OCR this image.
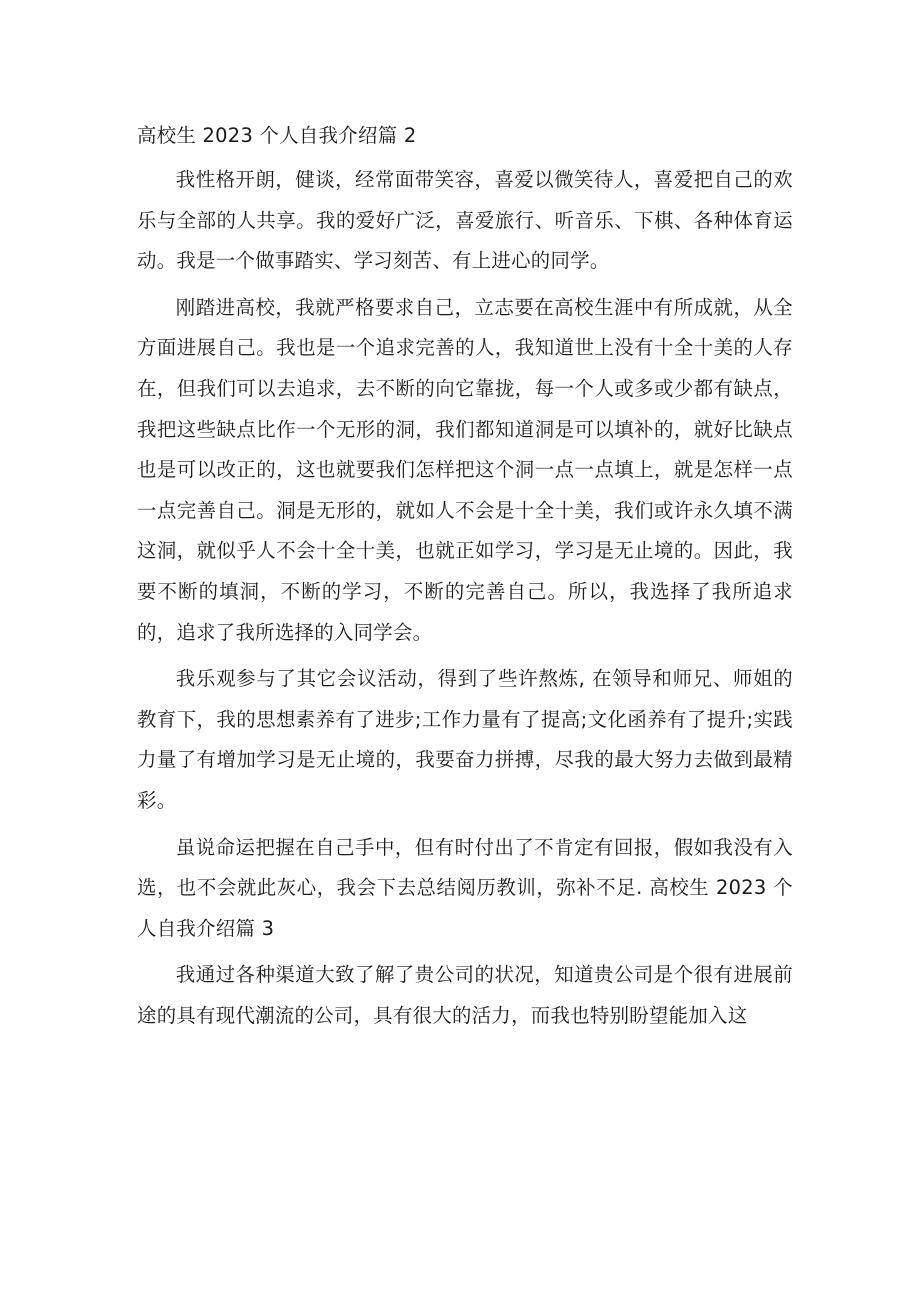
高校生 2023 个人自我介绍篇 2

我性格开朗，健谈，经常面带笑容，喜爱以微笑待人，喜爱把自己的欢乐与全部的人共享。我的爱好广泛，喜爱旅行、听音乐、下棋、各种体育运动。我是一个做事踏实、学习刻苦、有上进心的同学。

刚踏进高校，我就严格要求自己，立志要在高校生涯中有所成就，从全方面进展自己。我也是一个追求完善的人，我知道世上没有十全十美的人存在，但我们可以去追求，去不断的向它靠拢，每一个人或多或少都有缺点，我把这些缺点比作一个无形的洞，我们都知道洞是可以填补的，就好比缺点也是可以改正的，这也就要我们怎样把这个洞一点一点填上，就是怎样一点一点完善自己。洞是无形的，就如人不会是十全十美，我们或许永久填不满这洞，就似乎人不会十全十美，也就正如学习，学习是无止境的。因此，我要不断的填洞，不断的学习，不断的完善自己。所以，我选择了我所追求的，追求了我所选择的入同学会。

我乐观参与了其它会议活动，得到了些许熬炼, 在领导和师兄、师姐的教育下，我的思想素养有了进步;工作力量有了提高;文化函养有了提升;实践力量了有增加学习是无止境的，我要奋力拼搏，尽我的最大努力去做到最精彩。

虽说命运把握在自己手中，但有时付出了不肯定有回报，假如我没有入选，也不会就此灰心，我会下去总结阅历教训，弥补不足. 高校生 2023 个人自我介绍篇 3

我通过各种渠道大致了解了贵公司的状况，知道贵公司是个很有进展前途的具有现代潮流的公司，具有很大的活力，而我也特别盼望能加入这
